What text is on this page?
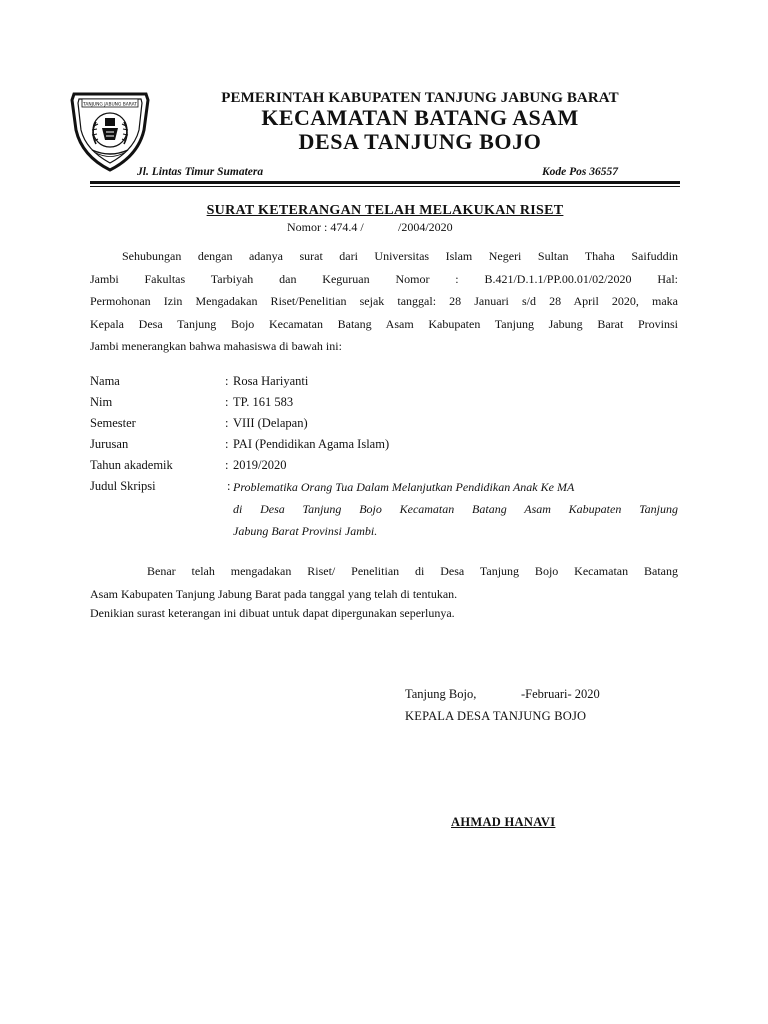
TANJUNG JABUNG BARAT	PEMERINTAH KABUPATEN TANJUNG JABUNG BARAT
KECAMATAN BATANG ASAM
DESA TANJUNG BOJO
Jl. Lintas Timur Sumatera	Kode Pos 36557
SURAT KETERANGAN TELAH MELAKUKAN RISET
Nomor : 474.4 /	/2004/2020
Sehubungan dengan adanya surat dari Universitas Islam Negeri Sultan Thaha Saifuddin
Jambi Fakultas Tarbiyah dan Keguruan Nomor : B.421/D.1.1/PP.00.01/02/2020 Hal:
Permohonan Izin Mengadakan Riset/Penelitian sejak tanggal: 28 Januari s/d 28 April 2020, maka
Kepala Desa Tanjung Bojo Kecamatan Batang Asam Kabupaten Tanjung Jabung Barat Provinsi
Jambi menerangkan bahwa mahasiswa di bawah ini:
Nama	: Rosa Hariyanti
Nim	: TP. 161 583
Semester	: VIII (Delapan)
Jurusan	: PAI (Pendidikan Agama Islam)
Tahun akademik	: 2019/2020
Judul Skripsi	: Problematika Orang Tua Dalam Melanjutkan Pendidikan Anak Ke MA
di Desa Tanjung Bojo Kecamatan Batang Asam Kabupaten Tanjung
Jabung Barat Provinsi Jambi.
Benar telah mengadakan Riset/ Penelitian di Desa Tanjung Bojo Kecamatan Batang
Asam Kabupaten Tanjung Jabung Barat pada tanggal yang telah di tentukan.
Denikian surast keterangan ini dibuat untuk dapat dipergunakan seperlunya.
Tanjung Bojo,	-Februari- 2020
KEPALA DESA TANJUNG BOJO
AHMAD HANAVI
